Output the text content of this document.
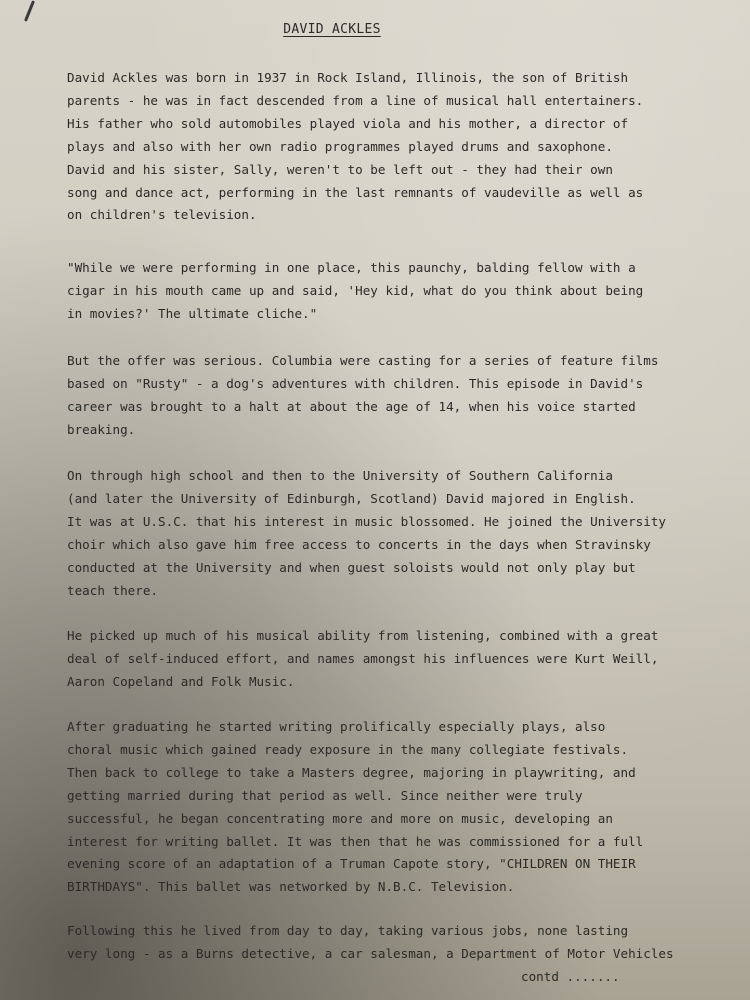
DAVID ACKLES

David Ackles was born in 1937 in Rock Island, Illinois, the son of British
parents - he was in fact descended from a line of musical hall entertainers.
His father who sold automobiles played viola and his mother, a director of
plays and also with her own radio programmes played drums and saxophone.
David and his sister, Sally, weren't to be left out - they had their own
song and dance act, performing in the last remnants of vaudeville as well as
on children's television.

"While we were performing in one place, this paunchy, balding fellow with a
cigar in his mouth came up and said, 'Hey kid, what do you think about being
in movies?' The ultimate cliche."

But the offer was serious. Columbia were casting for a series of feature films
based on "Rusty" - a dog's adventures with children. This episode in David's
career was brought to a halt at about the age of 14, when his voice started
breaking.

On through high school and then to the University of Southern California
(and later the University of Edinburgh, Scotland) David majored in English.
It was at U.S.C. that his interest in music blossomed. He joined the University
choir which also gave him free access to concerts in the days when Stravinsky
conducted at the University and when guest soloists would not only play but
teach there.

He picked up much of his musical ability from listening, combined with a great
deal of self-induced effort, and names amongst his influences were Kurt Weill,
Aaron Copeland and Folk Music.

After graduating he started writing prolifically especially plays, also
choral music which gained ready exposure in the many collegiate festivals.
Then back to college to take a Masters degree, majoring in playwriting, and
getting married during that period as well. Since neither were truly
successful, he began concentrating more and more on music, developing an
interest for writing ballet. It was then that he was commissioned for a full
evening score of an adaptation of a Truman Capote story, "CHILDREN ON THEIR
BIRTHDAYS". This ballet was networked by N.B.C. Television.

Following this he lived from day to day, taking various jobs, none lasting
very long - as a Burns detective, a car salesman, a Department of Motor Vehicles

contd .......
